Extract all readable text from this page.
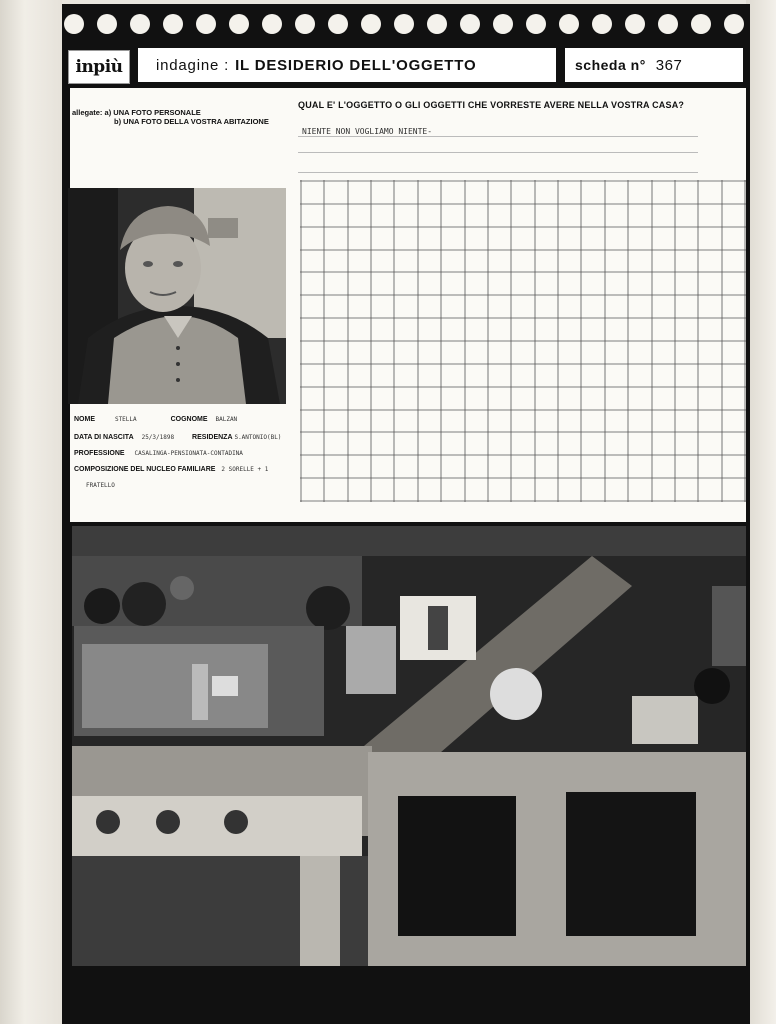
inpiù	indagine : IL DESIDERIO DELL'OGGETTO	scheda n° 367
allegate: a) UNA FOTO PERSONALE
b) UNA FOTO DELLA VOSTRA ABITAZIONE
QUAL E' L'OGGETTO O GLI OGGETTI CHE VORRESTE AVERE NELLA VOSTRA CASA?
NIENTE NON VOGLIAMO NIENTE-
NOME	STELLA	COGNOME BALZAN
DATA DI NASCITA 25/3/1898	RESIDENZA S.ANTONIO(BL)
PROFESSIONE CASALINGA-PENSIONATA-CONTADINA
COMPOSIZIONE DEL NUCLEO FAMILIARE 2 SORELLE + 1
FRATELLO
